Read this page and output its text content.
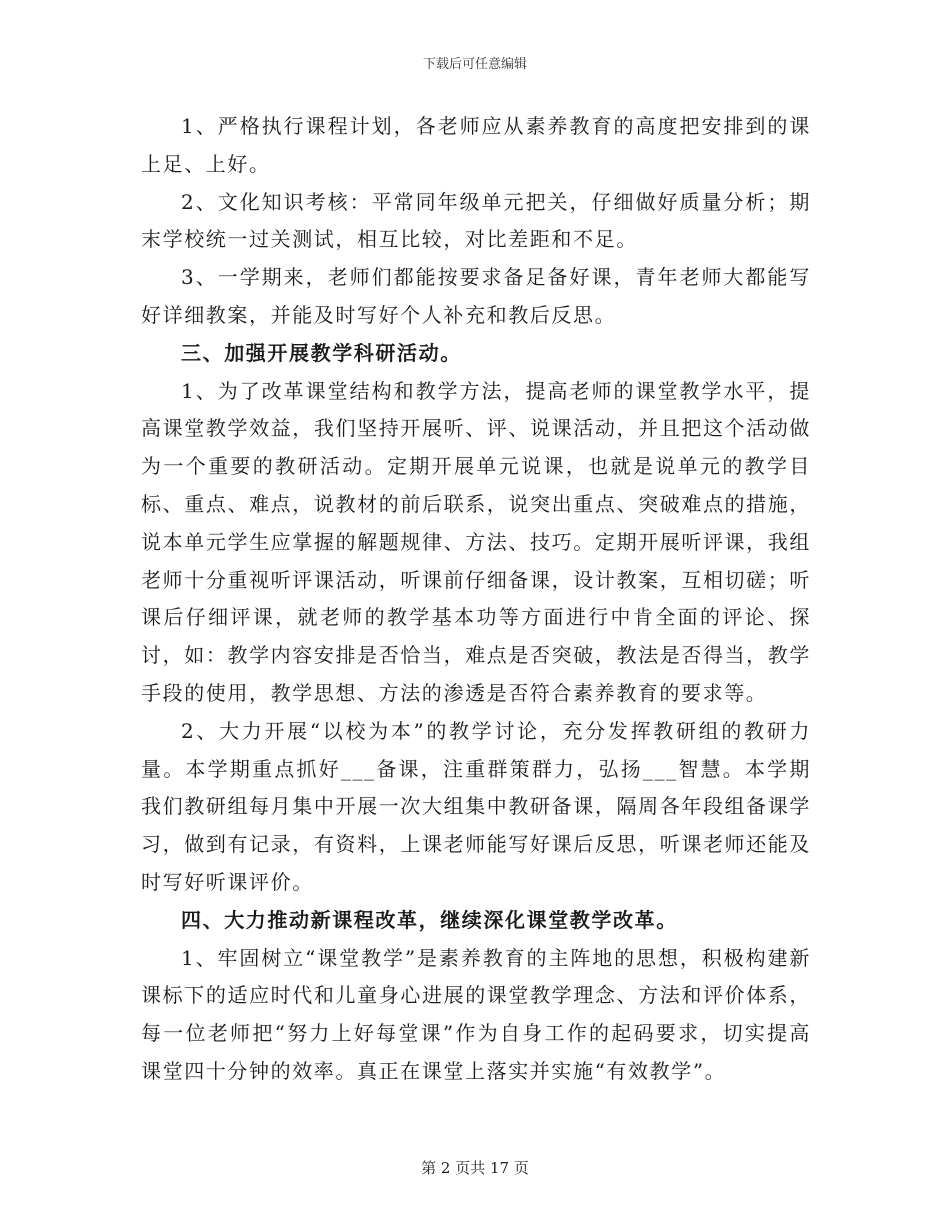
下载后可任意编辑

1、严格执行课程计划，各老师应从素养教育的高度把安排到的课上足、上好。

2、文化知识考核：平常同年级单元把关，仔细做好质量分析；期末学校统一过关测试，相互比较，对比差距和不足。

3、一学期来，老师们都能按要求备足备好课，青年老师大都能写好详细教案，并能及时写好个人补充和教后反思。

三、加强开展教学科研活动。

1、为了改革课堂结构和教学方法，提高老师的课堂教学水平，提高课堂教学效益，我们坚持开展听、评、说课活动，并且把这个活动做为一个重要的教研活动。定期开展单元说课，也就是说单元的教学目标、重点、难点，说教材的前后联系，说突出重点、突破难点的措施，说本单元学生应掌握的解题规律、方法、技巧。定期开展听评课，我组老师十分重视听评课活动，听课前仔细备课，设计教案，互相切磋；听课后仔细评课，就老师的教学基本功等方面进行中肯全面的评论、探讨，如：教学内容安排是否恰当，难点是否突破，教法是否得当，教学手段的使用，教学思想、方法的渗透是否符合素养教育的要求等。

2、大力开展“以校为本”的教学讨论，充分发挥教研组的教研力量。本学期重点抓好___备课，注重群策群力，弘扬___智慧。本学期我们教研组每月集中开展一次大组集中教研备课，隔周各年段组备课学习，做到有记录，有资料，上课老师能写好课后反思，听课老师还能及时写好听课评价。

四、大力推动新课程改革，继续深化课堂教学改革。

1、牢固树立“课堂教学”是素养教育的主阵地的思想，积极构建新课标下的适应时代和儿童身心进展的课堂教学理念、方法和评价体系，每一位老师把“努力上好每堂课”作为自身工作的起码要求，切实提高课堂四十分钟的效率。真正在课堂上落实并实施“有效教学”。

第 2 页共 17 页
